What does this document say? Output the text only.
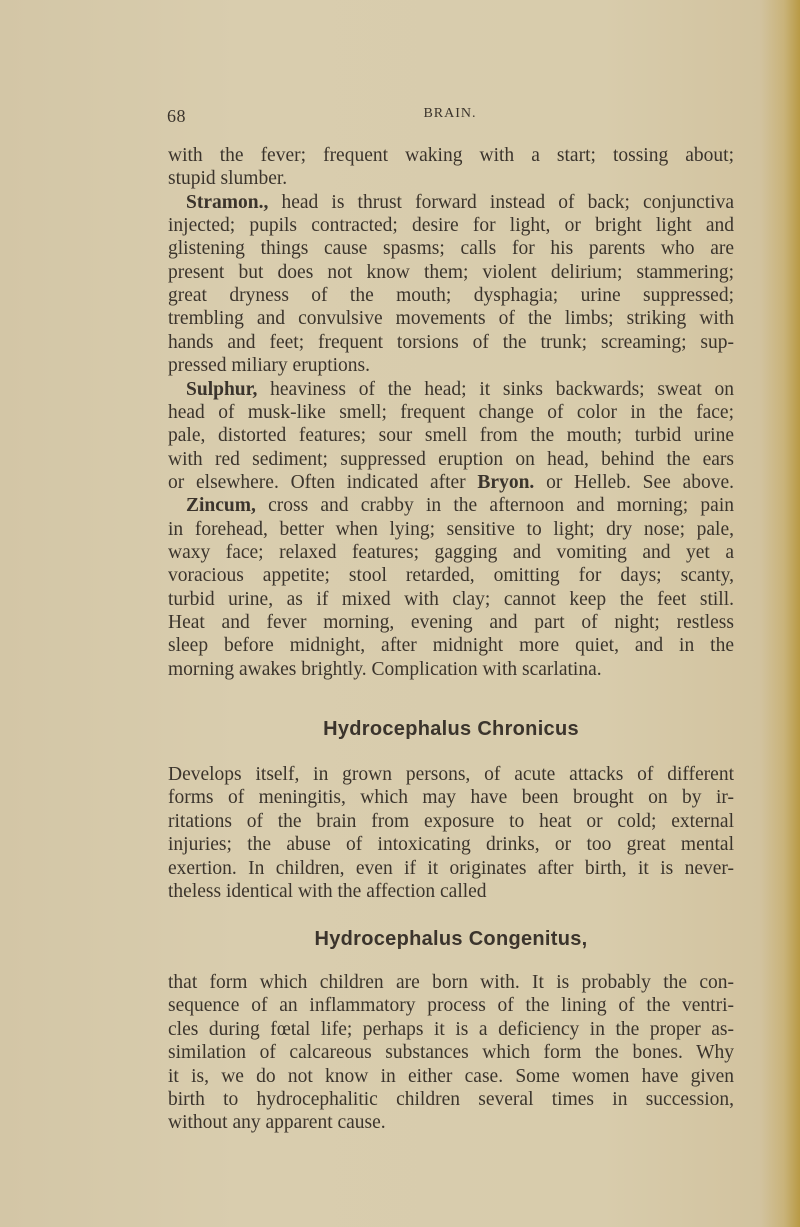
68	BRAIN.
Hydrocephalus Chronicus
Hydrocephalus Congenitus,
with the fever; frequent waking with a start; tossing about;
stupid slumber.
Stramon., head is thrust forward instead of back; conjunctiva
injected; pupils contracted; desire for light, or bright light and
glistening things cause spasms; calls for his parents who are
present but does not know them; violent delirium; stammering;
great dryness of the mouth; dysphagia; urine suppressed;
trembling and convulsive movements of the limbs; striking with
hands and feet; frequent torsions of the trunk; screaming; sup-
pressed miliary eruptions.
Sulphur, heaviness of the head; it sinks backwards; sweat on
head of musk-like smell; frequent change of color in the face;
pale, distorted features; sour smell from the mouth; turbid urine
with red sediment; suppressed eruption on head, behind the ears
or elsewhere. Often indicated after Bryon. or Helleb. See above.
Zincum, cross and crabby in the afternoon and morning; pain
in forehead, better when lying; sensitive to light; dry nose; pale,
waxy face; relaxed features; gagging and vomiting and yet a
voracious appetite; stool retarded, omitting for days; scanty,
turbid urine, as if mixed with clay; cannot keep the feet still.
Heat and fever morning, evening and part of night; restless
sleep before midnight, after midnight more quiet, and in the
morning awakes brightly. Complication with scarlatina.
Develops itself, in grown persons, of acute attacks of different
forms of meningitis, which may have been brought on by ir-
ritations of the brain from exposure to heat or cold; external
injuries; the abuse of intoxicating drinks, or too great mental
exertion. In children, even if it originates after birth, it is never-
theless identical with the affection called
that form which children are born with. It is probably the con-
sequence of an inflammatory process of the lining of the ventri-
cles during fœtal life; perhaps it is a deficiency in the proper as-
similation of calcareous substances which form the bones. Why
it is, we do not know in either case. Some women have given
birth to hydrocephalitic children several times in succession,
without any apparent cause.
